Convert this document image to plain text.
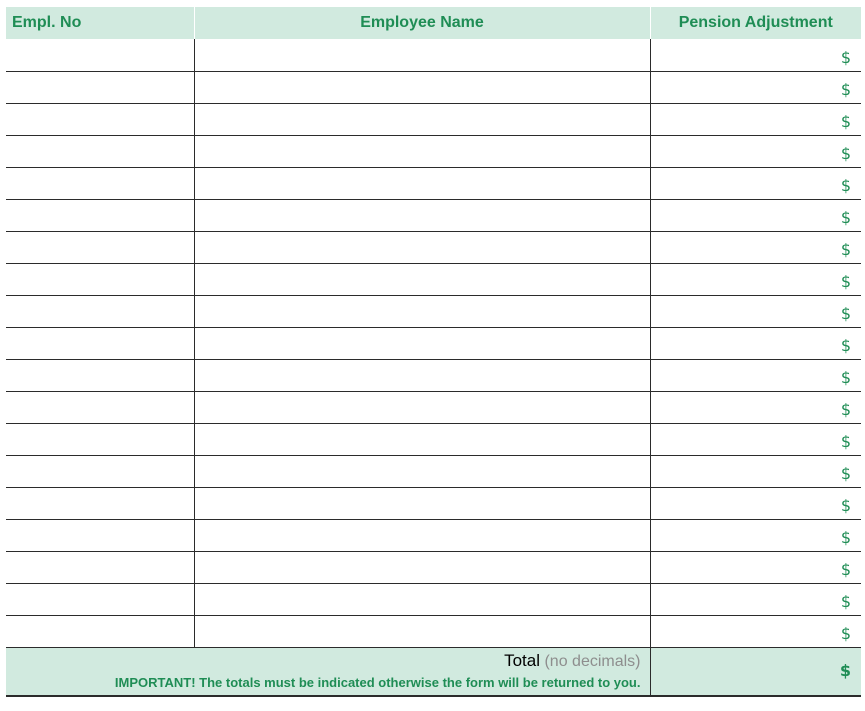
Empl. No	Employee Name	Pension Adjustment
		$
		$
		$
		$
		$
		$
		$
		$
		$
		$
		$
		$
		$
		$
		$
		$
		$
		$
		$

Total (no decimals)
IMPORTANT! The totals must be indicated otherwise the form will be returned to you.		$
